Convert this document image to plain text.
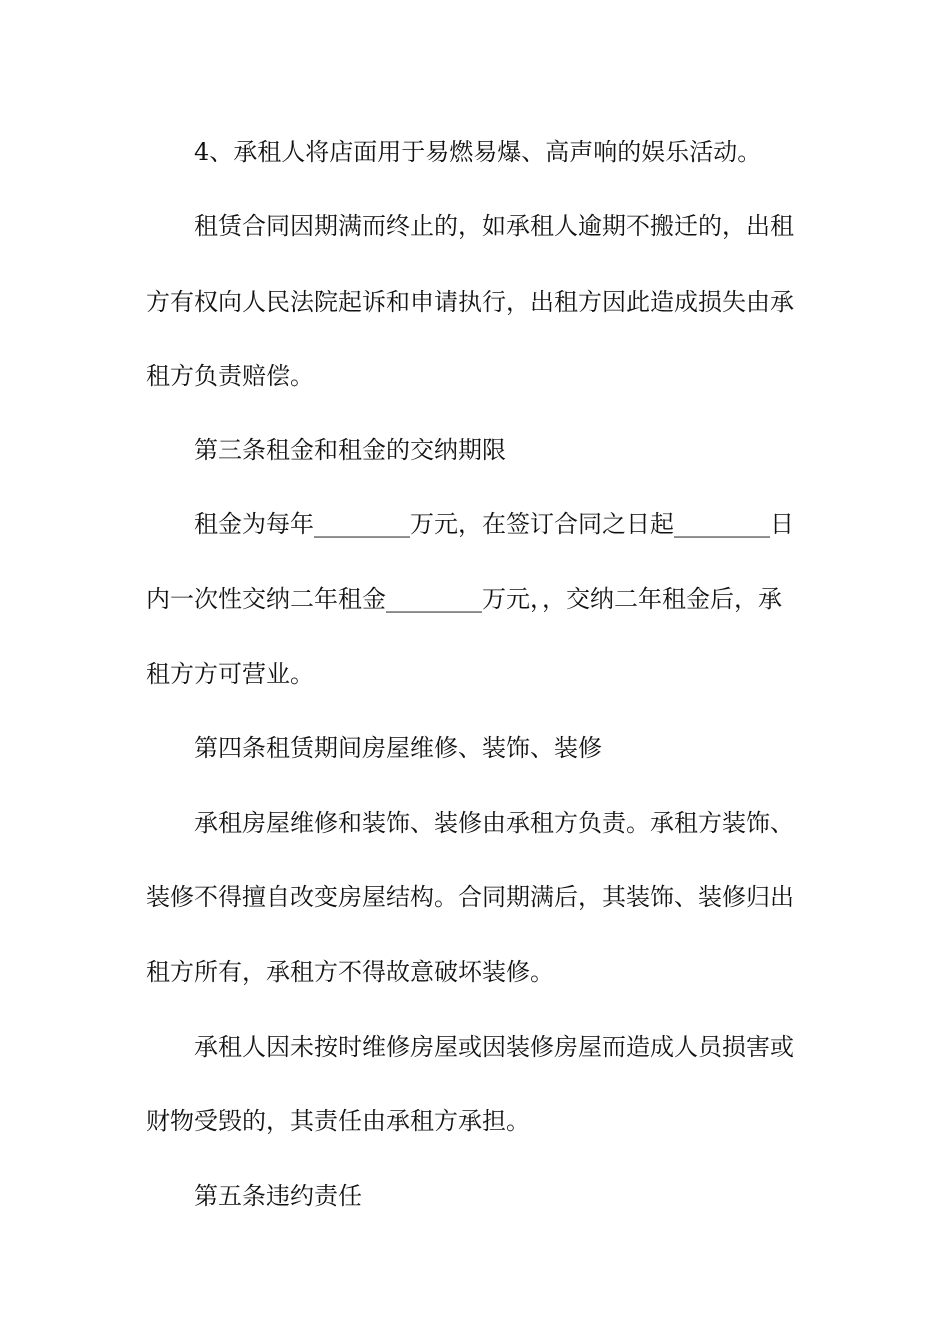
4、承租人将店面用于易燃易爆、高声响的娱乐活动。
租赁合同因期满而终止的，如承租人逾期不搬迁的，出租
方有权向人民法院起诉和申请执行，出租方因此造成损失由承
租方负责赔偿。
第三条租金和租金的交纳期限
租金为每年________万元，在签订合同之日起________日
内一次性交纳二年租金________万元，，交纳二年租金后，承
租方方可营业。
第四条租赁期间房屋维修、装饰、装修
承租房屋维修和装饰、装修由承租方负责。承租方装饰、
装修不得擅自改变房屋结构。合同期满后，其装饰、装修归出
租方所有，承租方不得故意破坏装修。
承租人因未按时维修房屋或因装修房屋而造成人员损害或
财物受毁的，其责任由承租方承担。
第五条违约责任
